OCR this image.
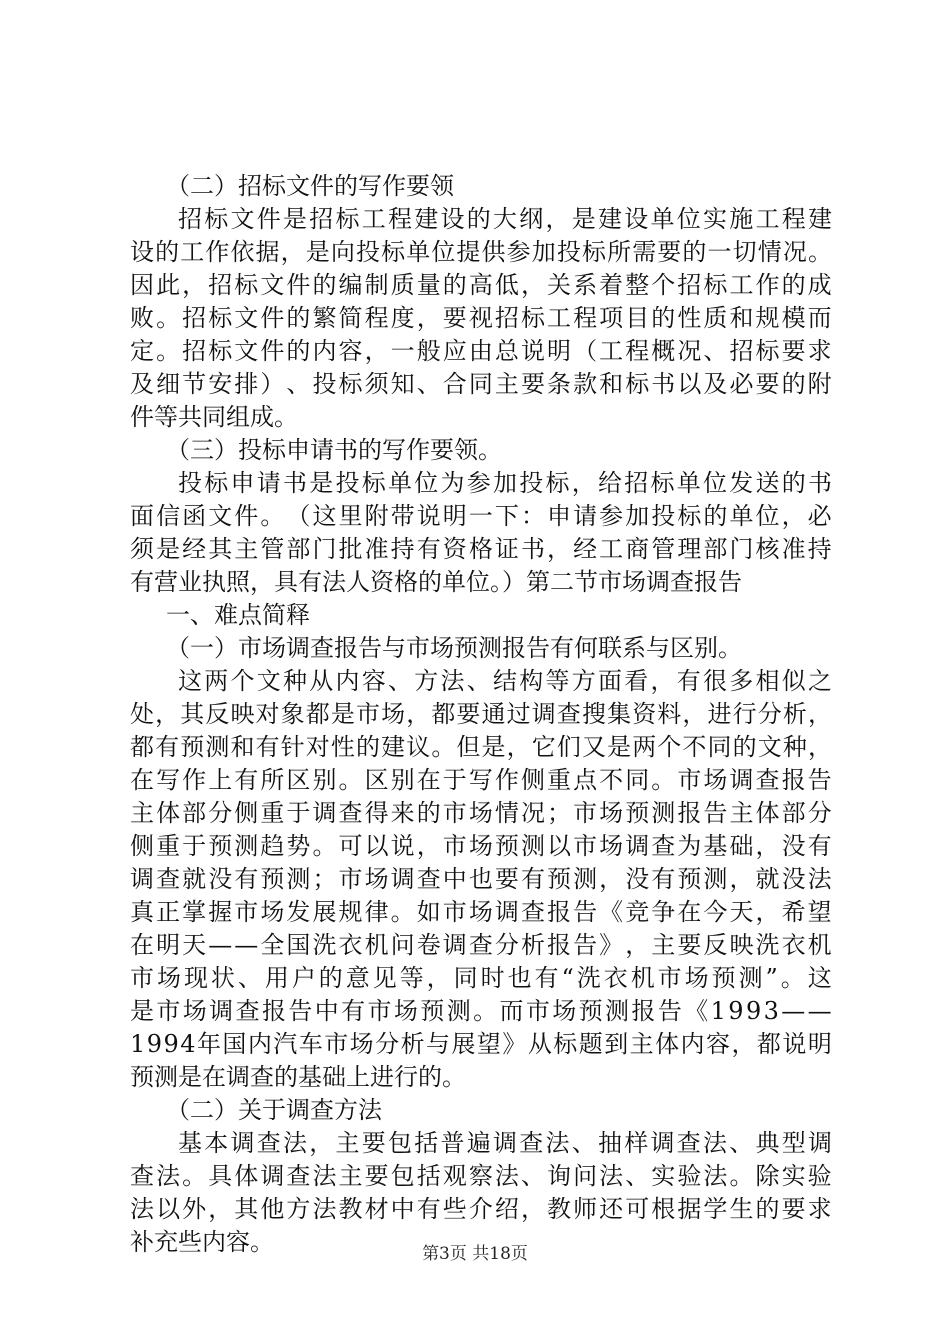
（二）招标文件的写作要领
招 标 文 件 是 招 标 工 程 建 设 的 大 纲 ， 是 建 设 单 位 实 施 工 程 建
设 的 工 作 依 据 ， 是 向 投 标 单 位 提 供 参 加 投 标 所 需 要 的 一 切 情 况 。
因 此 ， 招 标 文 件 的 编 制 质 量 的 高 低 ， 关 系 着 整 个 招 标 工 作 的 成
败 。 招 标 文 件 的 繁 简 程 度 ， 要 视 招 标 工 程 项 目 的 性 质 和 规 模 而
定 。 招 标 文 件 的 内 容 ， 一 般 应 由 总 说 明 （ 工 程 概 况 、 招 标 要 求
及 细 节 安 排 ） 、 投 标 须 知 、 合 同 主 要 条 款 和 标 书 以 及 必 要 的 附
件等共同组成。
（三）投标申请书的写作要领。
投 标 申 请 书 是 投 标 单 位 为 参 加 投 标 ， 给 招 标 单 位 发 送 的 书
面 信 函 文 件 。 （ 这 里 附 带 说 明 一 下 ： 申 请 参 加 投 标 的 单 位 ， 必
须 是 经 其 主 管 部 门 批 准 持 有 资 格 证 书 ， 经 工 商 管 理 部 门 核 准 持
有营业执照，具有法人资格的单位。）第二节市场调查报告
一、难点简释
（一）市场调查报告与市场预测报告有何联系与区别。
这 两 个 文 种 从 内 容 、 方 法 、 结 构 等 方 面 看 ， 有 很 多 相 似 之
处 ， 其 反 映 对 象 都 是 市 场 ， 都 要 通 过 调 查 搜 集 资 料 ， 进 行 分 析 ，
都 有 预 测 和 有 针 对 性 的 建 议 。 但 是 ， 它 们 又 是 两 个 不 同 的 文 种 ，
在 写 作 上 有 所 区 别 。 区 别 在 于 写 作 侧 重 点 不 同 。 市 场 调 查 报 告
主 体 部 分 侧 重 于 调 查 得 来 的 市 场 情 况 ； 市 场 预 测 报 告 主 体 部 分
侧 重 于 预 测 趋 势 。 可 以 说 ， 市 场 预 测 以 市 场 调 查 为 基 础 ， 没 有
调 查 就 没 有 预 测 ； 市 场 调 查 中 也 要 有 预 测 ， 没 有 预 测 ， 就 没 法
真 正 掌 握 市 场 发 展 规 律 。 如 市 场 调 查 报 告 《 竞 争 在 今 天 ， 希 望
在 明 天 — — 全 国 洗 衣 机 问 卷 调 查 分 析 报 告 》 ， 主 要 反 映 洗 衣 机
市 场 现 状 、 用 户 的 意 见 等 ， 同 时 也 有 “ 洗 衣 机 市 场 预 测 ” 。 这
是 市 场 调 查 报 告 中 有 市 场 预 测 。 而 市 场 预 测 报 告 《 1 9 9 3 — —
1 9 9 4 年 国 内 汽 车 市 场 分 析 与 展 望 》 从 标 题 到 主 体 内 容 ， 都 说 明
预测是在调查的基础上进行的。
（二）关于调查方法
基 本 调 查 法 ， 主 要 包 括 普 遍 调 查 法 、 抽 样 调 查 法 、 典 型 调
查 法 。 具 体 调 查 法 主 要 包 括 观 察 法 、 询 问 法 、 实 验 法 。 除 实 验
法 以 外 ， 其 他 方 法 教 材 中 有 些 介 绍 ， 教 师 还 可 根 据 学 生 的 要 求
补充些内容。	第3页 共18页
